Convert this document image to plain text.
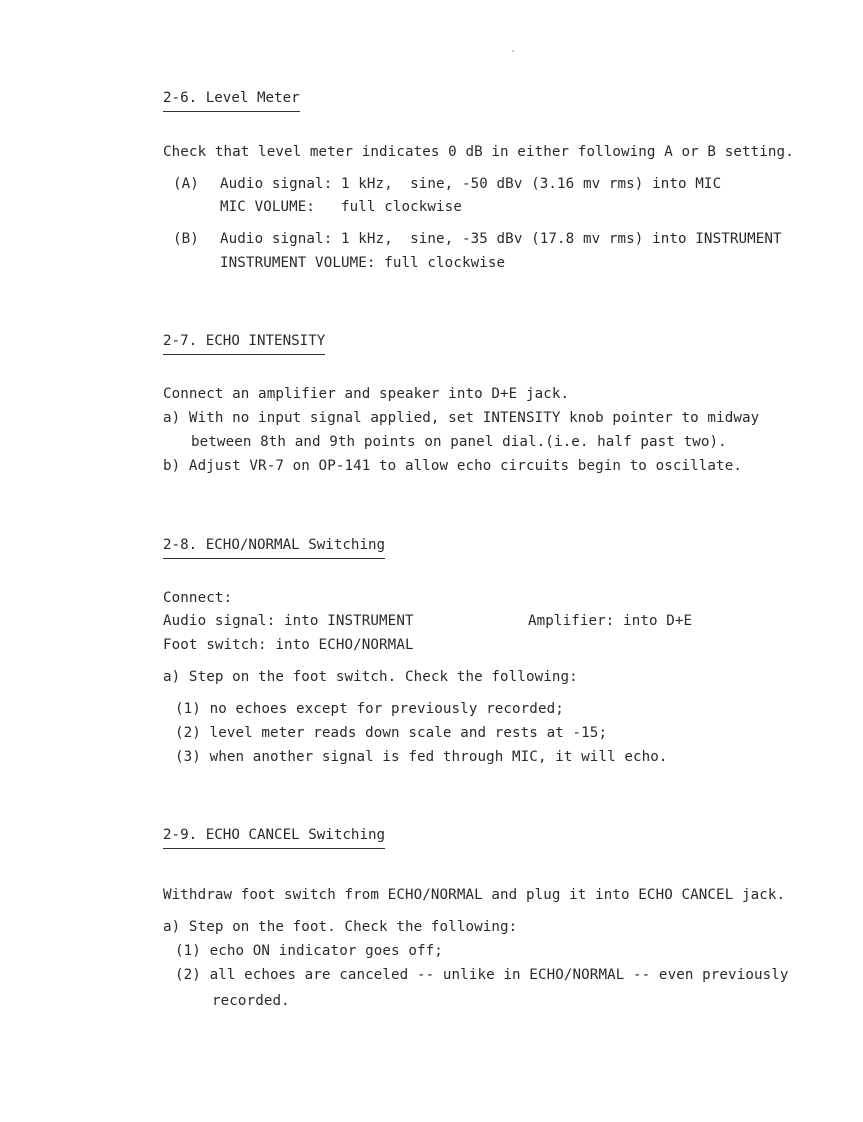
2-6. Level Meter
Check that level meter indicates 0 dB in either following A or B setting.
(A) Audio signal: 1 kHz,  sine, -50 dBv (3.16 mv rms) into MIC
MIC VOLUME:   full clockwise
(B) Audio signal: 1 kHz,  sine, -35 dBv (17.8 mv rms) into INSTRUMENT
INSTRUMENT VOLUME: full clockwise
2-7. ECHO INTENSITY
Connect an amplifier and speaker into D+E jack.
a) With no input signal applied, set INTENSITY knob pointer to midway
between 8th and 9th points on panel dial.(i.e. half past two).
b) Adjust VR-7 on OP-141 to allow echo circuits begin to oscillate.
2-8. ECHO/NORMAL Switching
Connect:
Audio signal: into INSTRUMENT	Amplifier: into D+E
Foot switch: into ECHO/NORMAL
a) Step on the foot switch. Check the following:
(1) no echoes except for previously recorded;
(2) level meter reads down scale and rests at -15;
(3) when another signal is fed through MIC, it will echo.
2-9. ECHO CANCEL Switching
Withdraw foot switch from ECHO/NORMAL and plug it into ECHO CANCEL jack.
a) Step on the foot. Check the following:
(1) echo ON indicator goes off;
(2) all echoes are canceled -- unlike in ECHO/NORMAL -- even previously
recorded.
